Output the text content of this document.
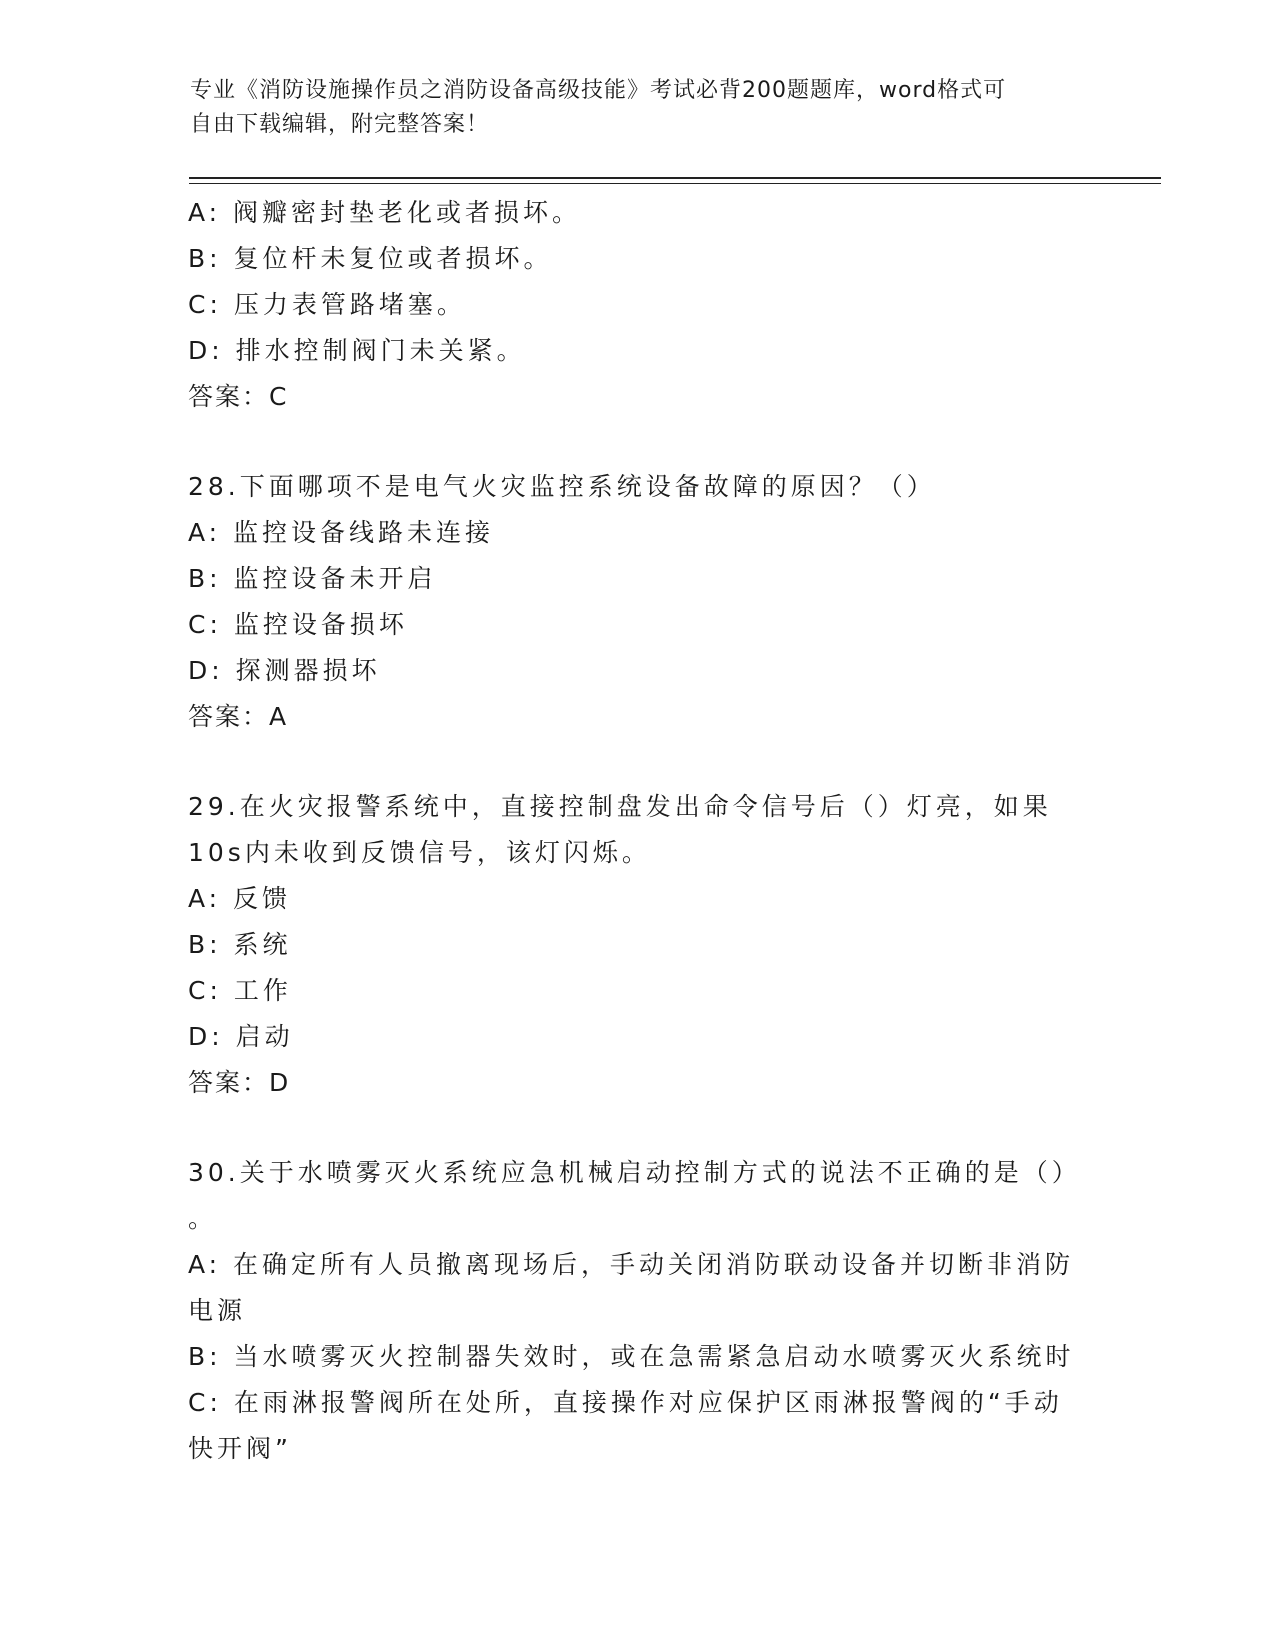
专业《消防设施操作员之消防设备高级技能》考试必背200题题库，word格式可
自由下载编辑，附完整答案！
A: 阀瓣密封垫老化或者损坏。
B: 复位杆未复位或者损坏。
C: 压力表管路堵塞。
D: 排水控制阀门未关紧。
答案：C
28.下面哪项不是电气火灾监控系统设备故障的原因？（）
A: 监控设备线路未连接
B: 监控设备未开启
C: 监控设备损坏
D: 探测器损坏
答案：A
29.在火灾报警系统中，直接控制盘发出命令信号后（）灯亮，如果
10s内未收到反馈信号，该灯闪烁。
A: 反馈
B: 系统
C: 工作
D: 启动
答案：D
30.关于水喷雾灭火系统应急机械启动控制方式的说法不正确的是（）
。
A: 在确定所有人员撤离现场后，手动关闭消防联动设备并切断非消防
电源
B: 当水喷雾灭火控制器失效时，或在急需紧急启动水喷雾灭火系统时
C: 在雨淋报警阀所在处所，直接操作对应保护区雨淋报警阀的“手动
快开阀”
